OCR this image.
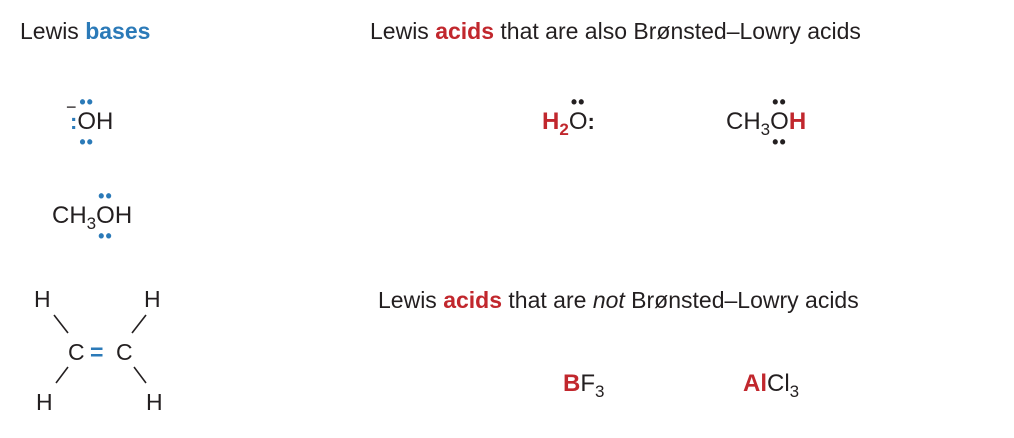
Lewis bases	Lewis acids that are also Brønsted–Lowry acids
Lewis acids that are not Brønsted–Lowry acids
−
:
••
O
••
H
$CH_3$
••
O
••
H
H	H
C = C
H	H
$H_2$
••
O:	$CH_3$
••
O
••
H
$BF_3$	AlCl$_3$
